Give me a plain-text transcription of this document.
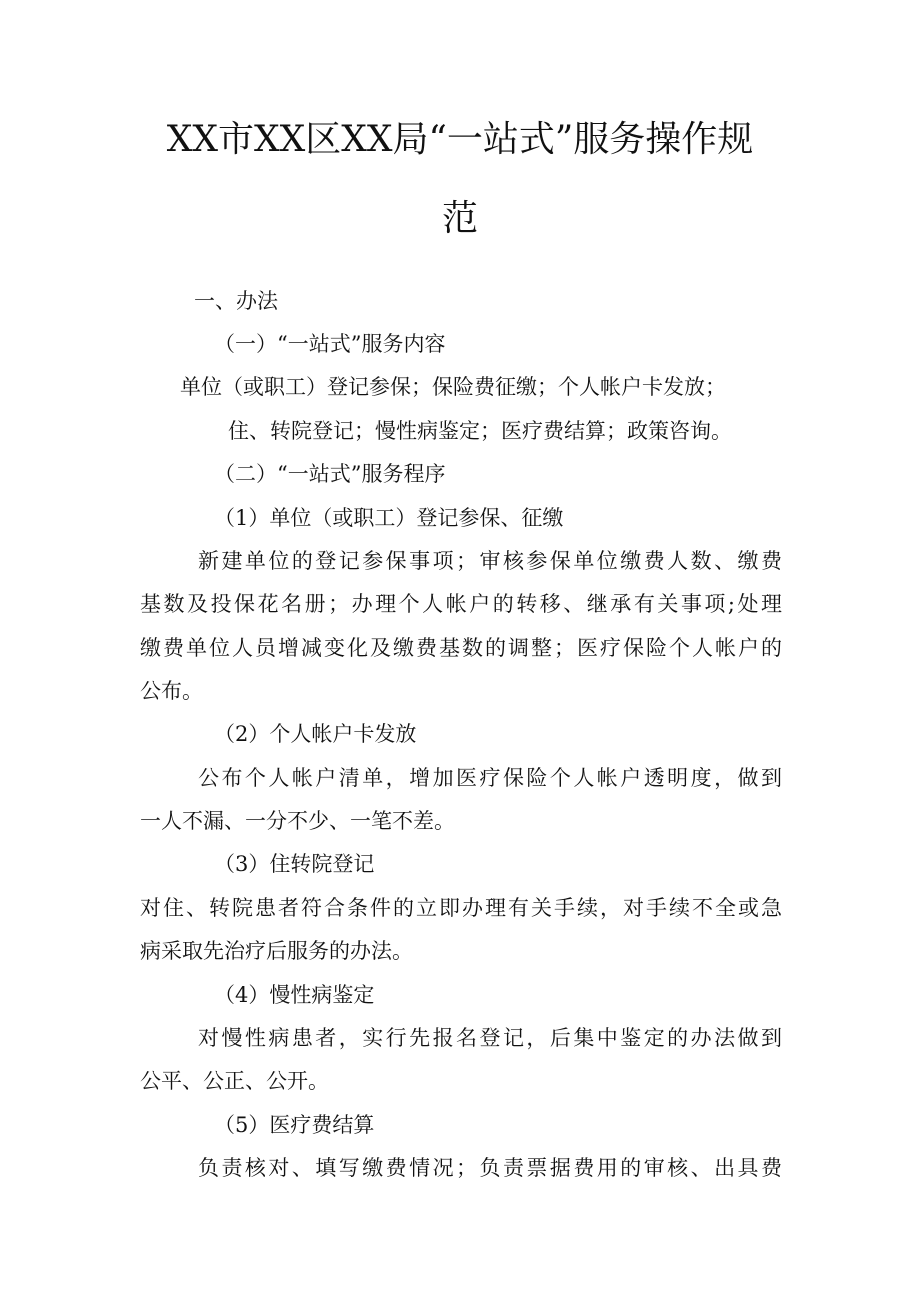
XX市XX区XX局“一站式”服务操作规
范
一、办法
（一）“一站式”服务内容
单位（或职工）登记参保；保险费征缴；个人帐户卡发放；
住、转院登记；慢性病鉴定；医疗费结算；政策咨询。
（二）“一站式”服务程序
（1）单位（或职工）登记参保、征缴
新建单位的登记参保事项；审核参保单位缴费人数、缴费
基数及投保花名册；办理个人帐户的转移、继承有关事项;处理
缴费单位人员增减变化及缴费基数的调整；医疗保险个人帐户的
公布。
（2）个人帐户卡发放
公布个人帐户清单，增加医疗保险个人帐户透明度，做到
一人不漏、一分不少、一笔不差。
（3）住转院登记
对住、转院患者符合条件的立即办理有关手续，对手续不全或急
病采取先治疗后服务的办法。
（4）慢性病鉴定
对慢性病患者，实行先报名登记，后集中鉴定的办法做到
公平、公正、公开。
（5）医疗费结算
负责核对、填写缴费情况；负责票据费用的审核、出具费
